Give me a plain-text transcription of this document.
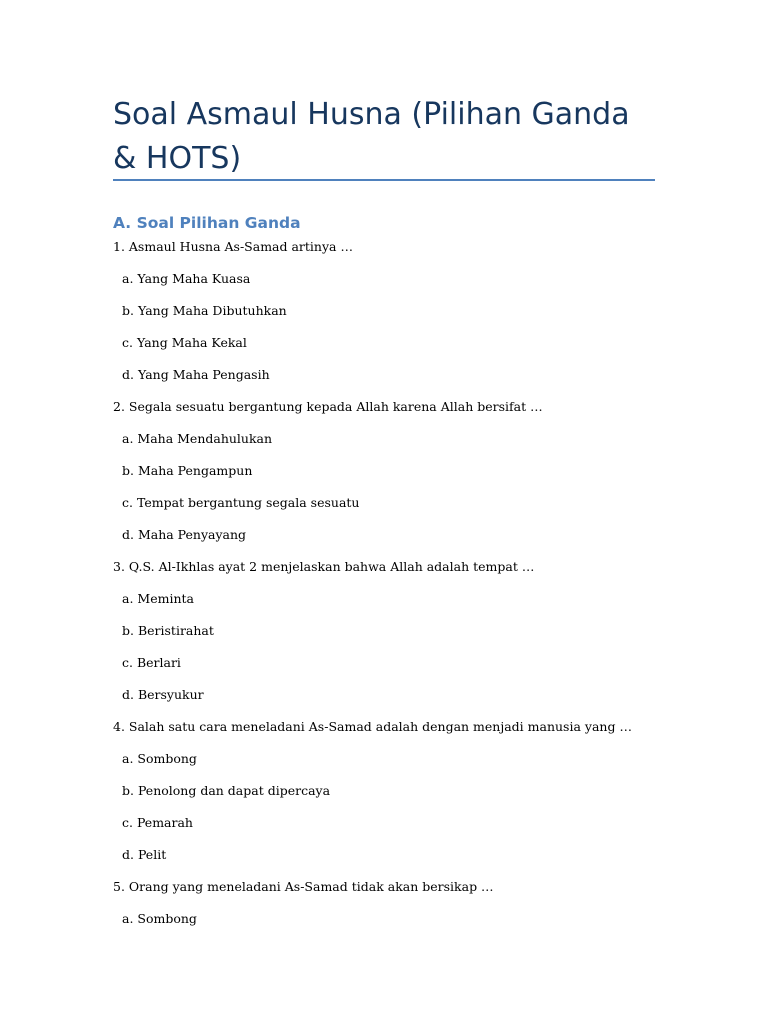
Soal Asmaul Husna (Pilihan Ganda & HOTS)
A. Soal Pilihan Ganda
1. Asmaul Husna As-Samad artinya …
a. Yang Maha Kuasa
b. Yang Maha Dibutuhkan
c. Yang Maha Kekal
d. Yang Maha Pengasih
2. Segala sesuatu bergantung kepada Allah karena Allah bersifat …
a. Maha Mendahulukan
b. Maha Pengampun
c. Tempat bergantung segala sesuatu
d. Maha Penyayang
3. Q.S. Al-Ikhlas ayat 2 menjelaskan bahwa Allah adalah tempat …
a. Meminta
b. Beristirahat
c. Berlari
d. Bersyukur
4. Salah satu cara meneladani As-Samad adalah dengan menjadi manusia yang …
a. Sombong
b. Penolong dan dapat dipercaya
c. Pemarah
d. Pelit
5. Orang yang meneladani As-Samad tidak akan bersikap …
a. Sombong
